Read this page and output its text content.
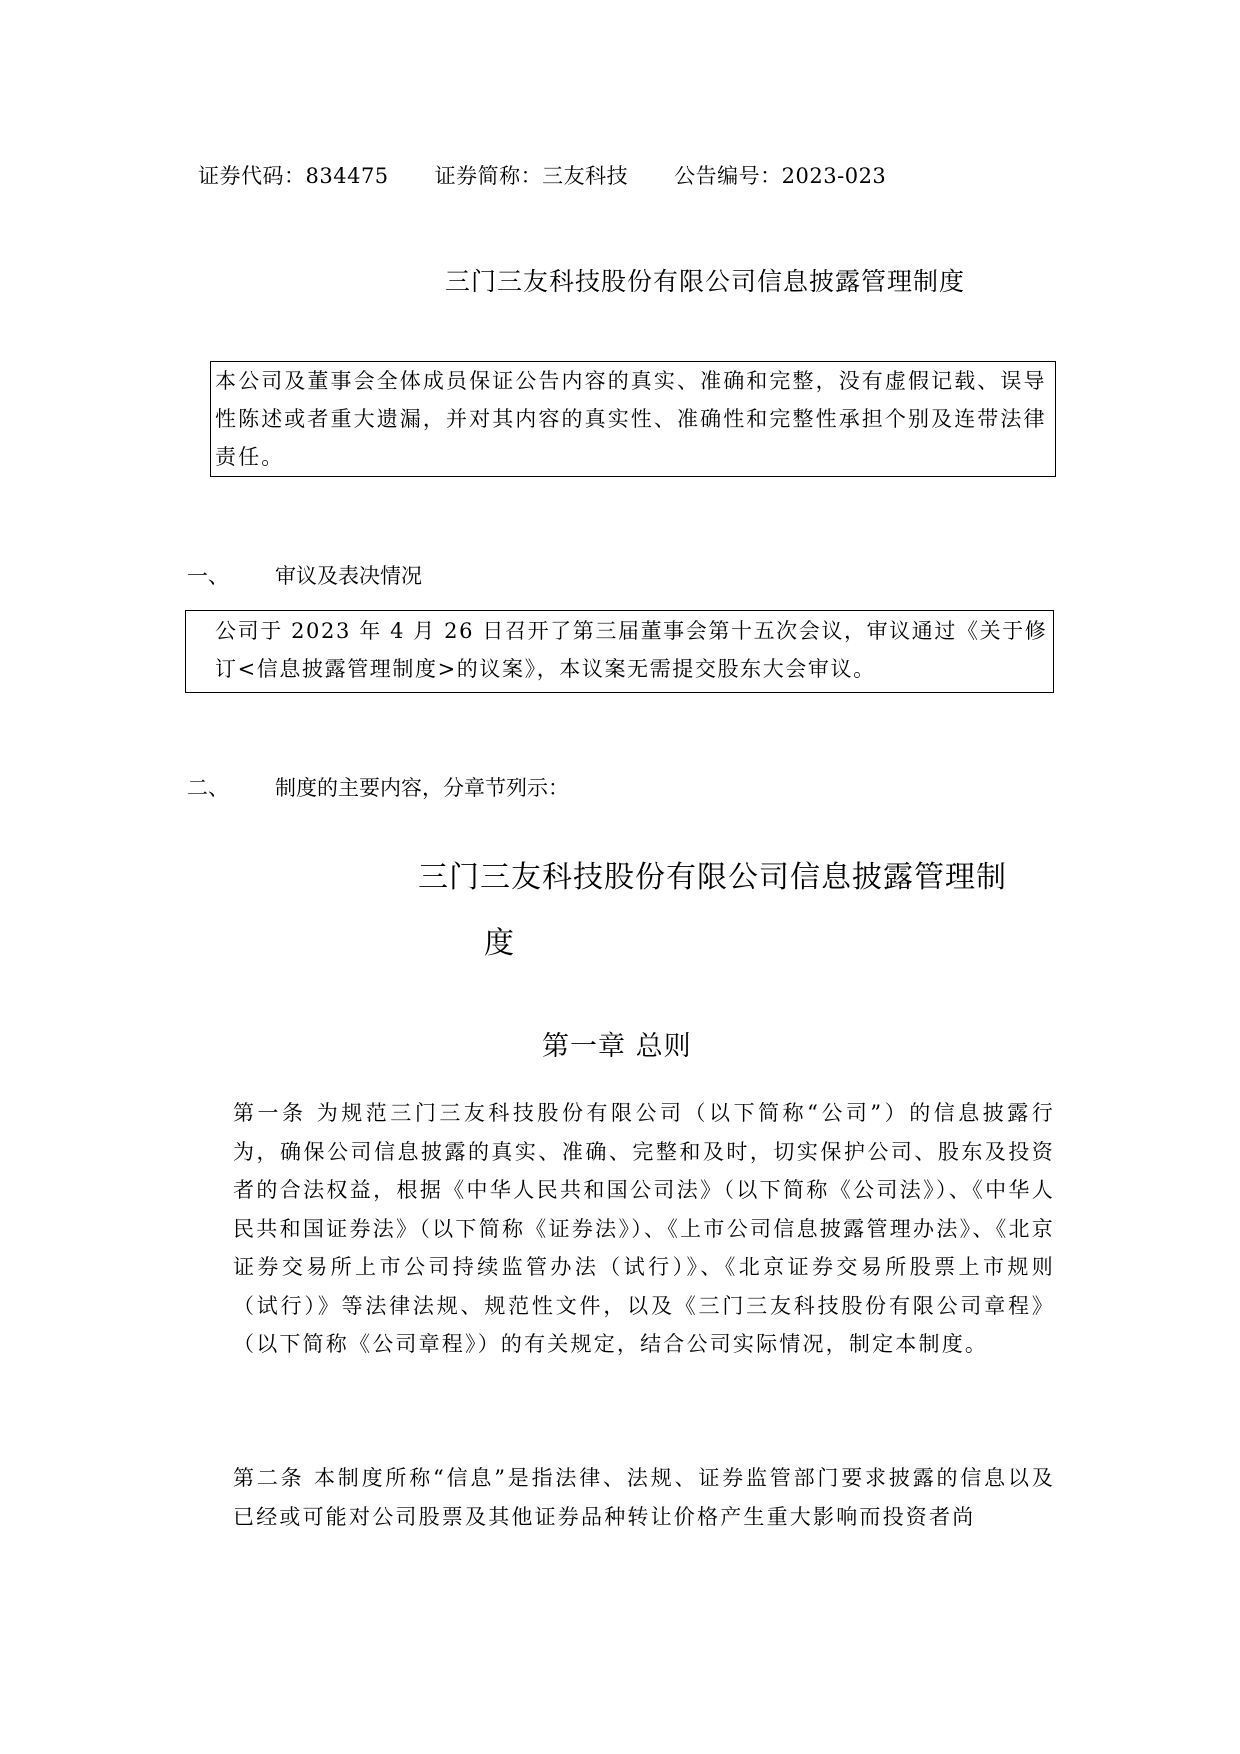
证券代码：834475 证券简称：三友科技 公告编号：2023-023
三门三友科技股份有限公司信息披露管理制度
本公司及董事会全体成员保证公告内容的真实、准确和完整，没有虚假记载、误导性陈述或者重大遗漏，并对其内容的真实性、准确性和完整性承担个别及连带法律责任。
一、 审议及表决情况
公司于 2023 年 4 月 26 日召开了第三届董事会第十五次会议，审议通过《关于修订<信息披露管理制度>的议案》，本议案无需提交股东大会审议。
二、 制度的主要内容，分章节列示：
三门三友科技股份有限公司信息披露管理制
度
第一章 总则
第一条 为规范三门三友科技股份有限公司（以下简称“公司”）的信息披露行为，确保公司信息披露的真实、准确、完整和及时，切实保护公司、股东及投资者的合法权益，根据《中华人民共和国公司法》（以下简称《公司法》）、《中华人民共和国证券法》（以下简称《证券法》）、《上市公司信息披露管理办法》、《北京证券交易所上市公司持续监管办法（试行）》、《北京证券交易所股票上市规则（试行）》等法律法规、规范性文件，以及《三门三友科技股份有限公司章程》（以下简称《公司章程》）的有关规定，结合公司实际情况，制定本制度。
第二条 本制度所称“信息”是指法律、法规、证券监管部门要求披露的信息以及已经或可能对公司股票及其他证券品种转让价格产生重大影响而投资者尚
